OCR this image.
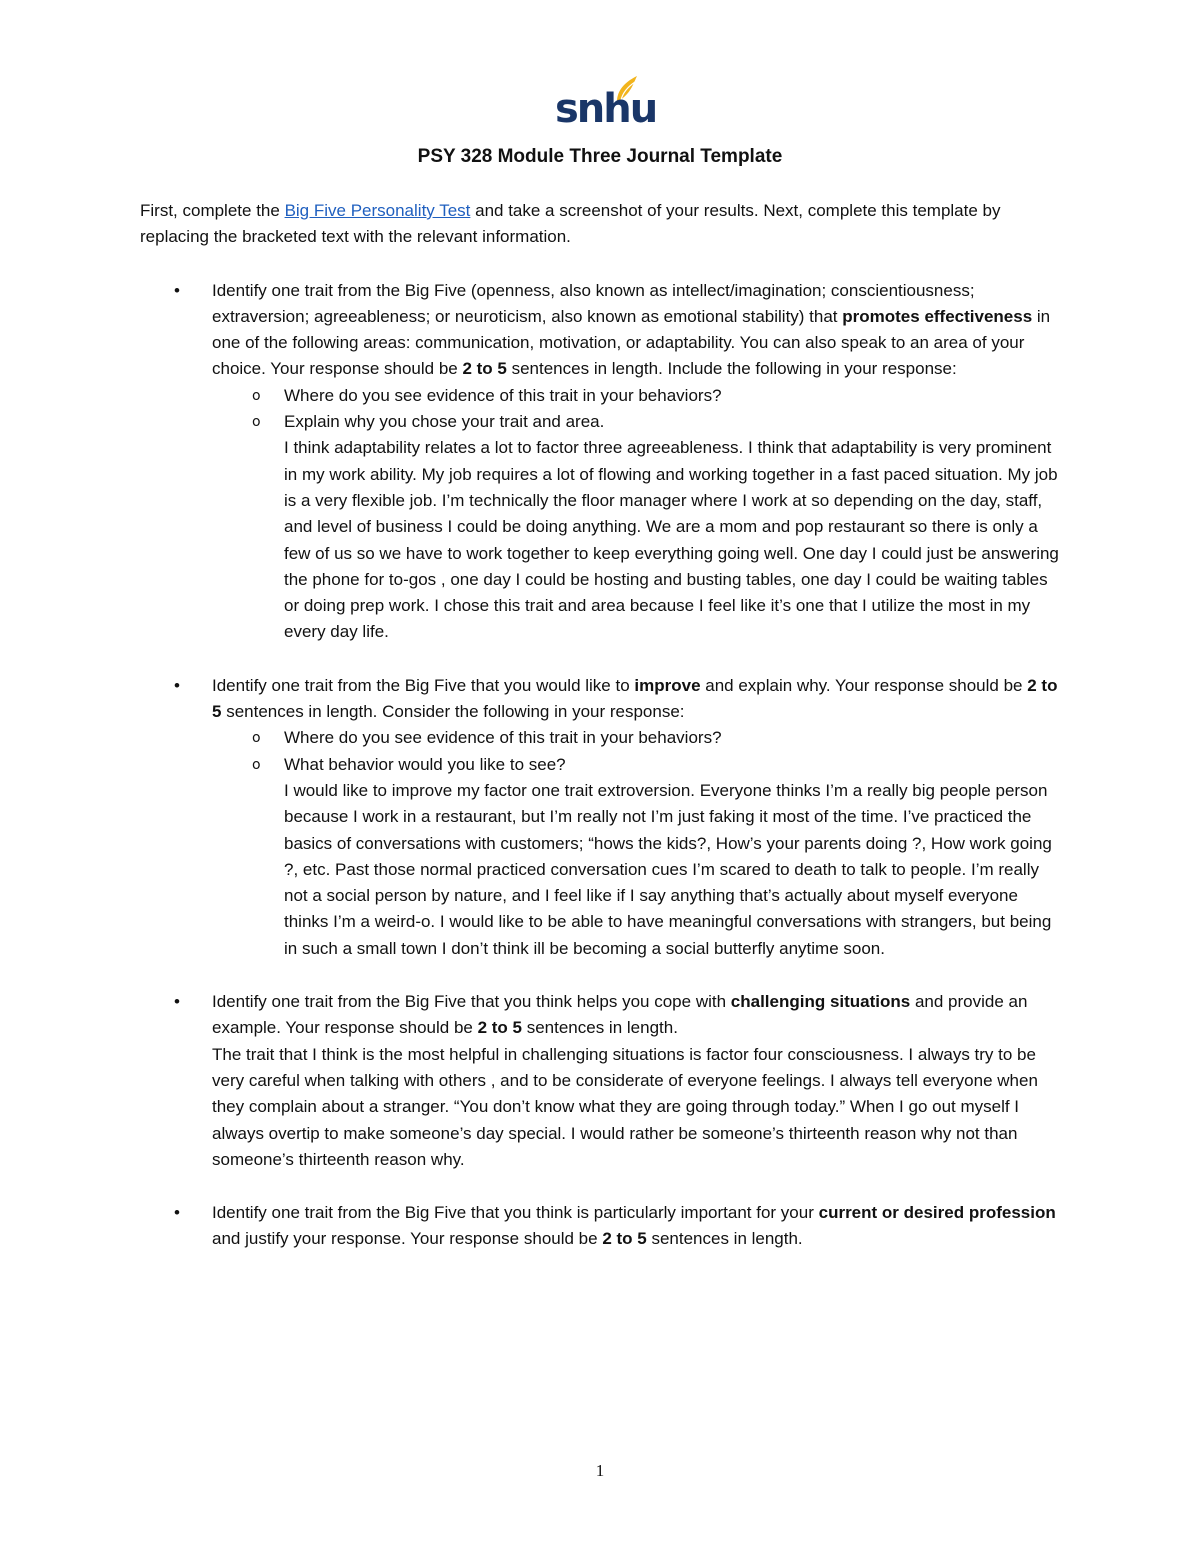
snhu
PSY 328 Module Three Journal Template

First, complete the Big Five Personality Test and take a screenshot of your results. Next, complete this template by replacing the bracketed text with the relevant information.

• Identify one trait from the Big Five (openness, also known as intellect/imagination; conscientiousness; extraversion; agreeableness; or neuroticism, also known as emotional stability) that promotes effectiveness in one of the following areas: communication, motivation, or adaptability. You can also speak to an area of your choice. Your response should be 2 to 5 sentences in length. Include the following in your response:
o Where do you see evidence of this trait in your behaviors?
o Explain why you chose your trait and area.
I think adaptability relates a lot to factor three agreeableness. I think that adaptability is very prominent in my work ability. My job requires a lot of flowing and working together in a fast paced situation. My job is a very flexible job. I’m technically the floor manager where I work at so depending on the day, staff, and level of business I could be doing anything. We are a mom and pop restaurant so there is only a few of us so we have to work together to keep everything going well. One day I could just be answering the phone for to-gos , one day I could be hosting and busting tables, one day I could be waiting tables or doing prep work. I chose this trait and area because I feel like it’s one that I utilize the most in my every day life.
• Identify one trait from the Big Five that you would like to improve and explain why. Your response should be 2 to 5 sentences in length. Consider the following in your response:
o Where do you see evidence of this trait in your behaviors?
o What behavior would you like to see?
I would like to improve my factor one trait extroversion. Everyone thinks I’m a really big people person because I work in a restaurant, but I’m really not I’m just faking it most of the time. I’ve practiced the basics of conversations with customers; “hows the kids?, How’s your parents doing ?, How work going ?, etc. Past those normal practiced conversation cues I’m scared to death to talk to people. I’m really not a social person by nature, and I feel like if I say anything that’s actually about myself everyone thinks I’m a weird-o. I would like to be able to have meaningful conversations with strangers, but being in such a small town I don’t think ill be becoming a social butterfly anytime soon.
• Identify one trait from the Big Five that you think helps you cope with challenging situations and provide an example. Your response should be 2 to 5 sentences in length.
The trait that I think is the most helpful in challenging situations is factor four consciousness. I always try to be very careful when talking with others , and to be considerate of everyone feelings. I always tell everyone when they complain about a stranger. “You don’t know what they are going through today.” When I go out myself I always overtip to make someone’s day special. I would rather be someone’s thirteenth reason why not than someone’s thirteenth reason why.
• Identify one trait from the Big Five that you think is particularly important for your current or desired profession and justify your response. Your response should be 2 to 5 sentences in length.
1
